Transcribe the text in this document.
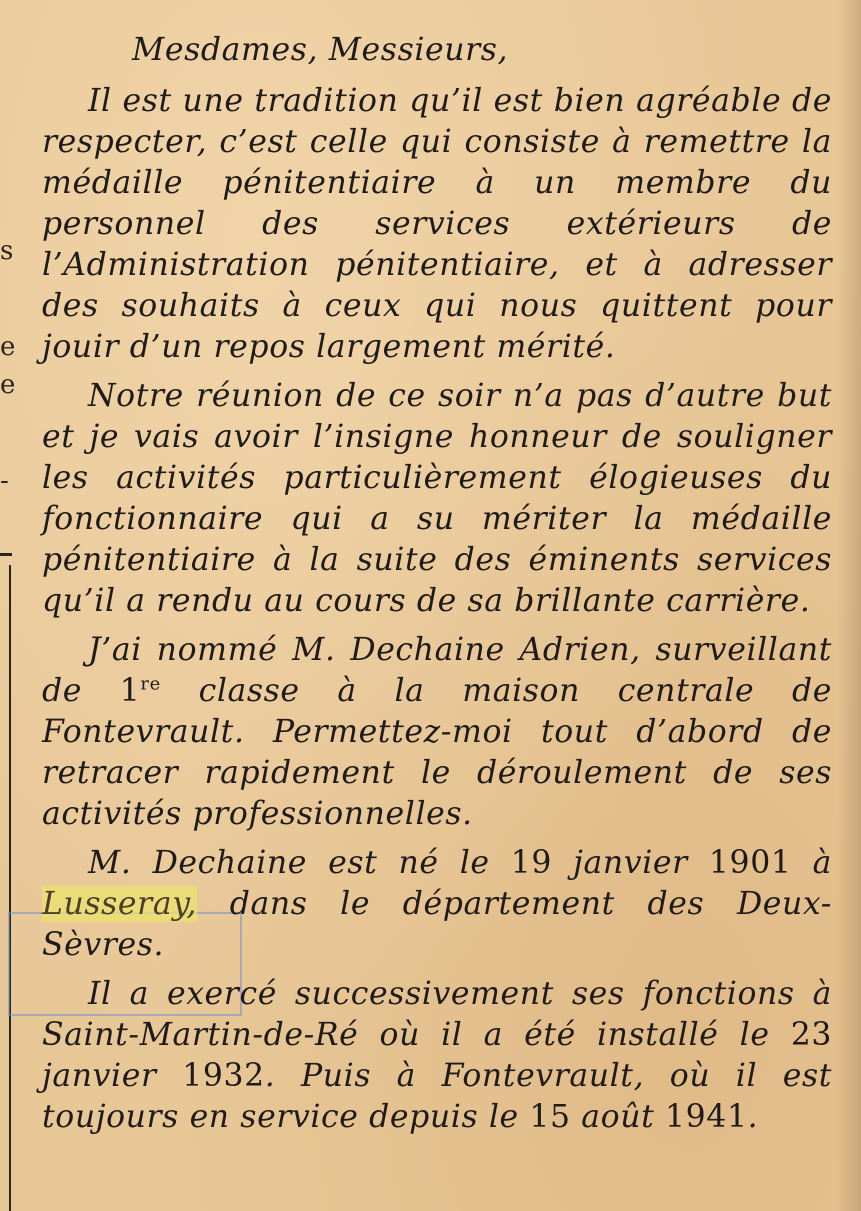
s
e
e
-

Mesdames, Messieurs,

Il est une tradition qu’il est bien agréable de respecter, c’est celle qui consiste à remettre la médaille pénitentiaire à un membre du personnel des services extérieurs de l’Administration pénitentiaire, et à adresser des souhaits à ceux qui nous quittent pour jouir d’un repos largement mérité.

Notre réunion de ce soir n’a pas d’autre but et je vais avoir l’insigne honneur de souligner les activités particulièrement élogieuses du fonctionnaire qui a su mériter la médaille pénitentiaire à la suite des éminents services qu’il a rendu au cours de sa brillante carrière.

J’ai nommé M. Dechaine Adrien, surveillant de 1re classe à la maison centrale de Fontevrault. Permettez-moi tout d’abord de retracer rapidement le déroulement de ses activités professionnelles.

M. Dechaine est né le 19 janvier 1901 à Lusseray, dans le département des Deux-Sèvres.

Il a exercé successivement ses fonctions à Saint-Martin-de-Ré où il a été installé le 23 janvier 1932. Puis à Fontevrault, où il est toujours en service depuis le 15 août 1941.
